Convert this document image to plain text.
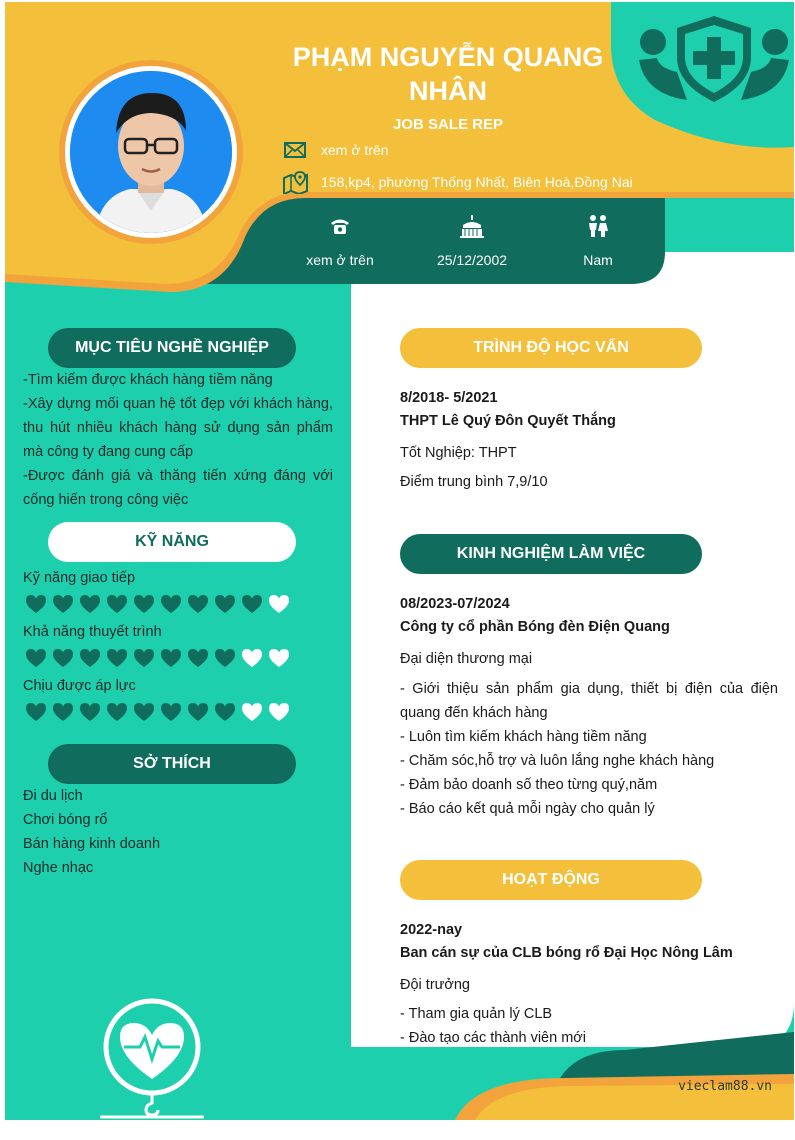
PHẠM NGUYỄN QUANG
NHÂN
JOB SALE REP
xem ở trên
158,kp4, phường Thống Nhất, Biên Hoà,Đồng Nai
xem ở trên	25/12/2002	Nam
MỤC TIÊU NGHỀ NGHIỆP
-Tìm kiếm được khách hàng tiềm năng
-Xây dựng mối quan hệ tốt đẹp với khách hàng, thu hút nhiều khách hàng sử dụng sản phẩm mà công ty đang cung cấp
-Được đánh giá và thăng tiến xứng đáng với cống hiến trong công việc
KỸ NĂNG
Kỹ năng giao tiếp
Khả năng thuyết trình
Chịu được áp lực
SỞ THÍCH
Đi du lịch
Chơi bóng rổ
Bán hàng kinh doanh
Nghe nhạc
TRÌNH ĐỘ HỌC VẤN
8/2018- 5/2021
THPT Lê Quý Đôn Quyết Thắng
Tốt Nghiệp: THPT
Điểm trung bình 7,9/10
KINH NGHIỆM LÀM VIỆC
08/2023-07/2024
Công ty cổ phần Bóng đèn Điện Quang
Đại diện thương mại
- Giới thiệu sản phẩm gia dụng, thiết bị điện của điện quang đến khách hàng
- Luôn tìm kiếm khách hàng tiềm năng
- Chăm sóc,hỗ trợ và luôn lắng nghe khách hàng
- Đảm bảo doanh số theo từng quý,năm
- Báo cáo kết quả mỗi ngày cho quản lý
HOẠT ĐỘNG
2022-nay
Ban cán sự của CLB bóng rổ Đại Học Nông Lâm
Đội trưởng
- Tham gia quản lý CLB
- Đào tạo các thành viên mới
vieclam88.vn
